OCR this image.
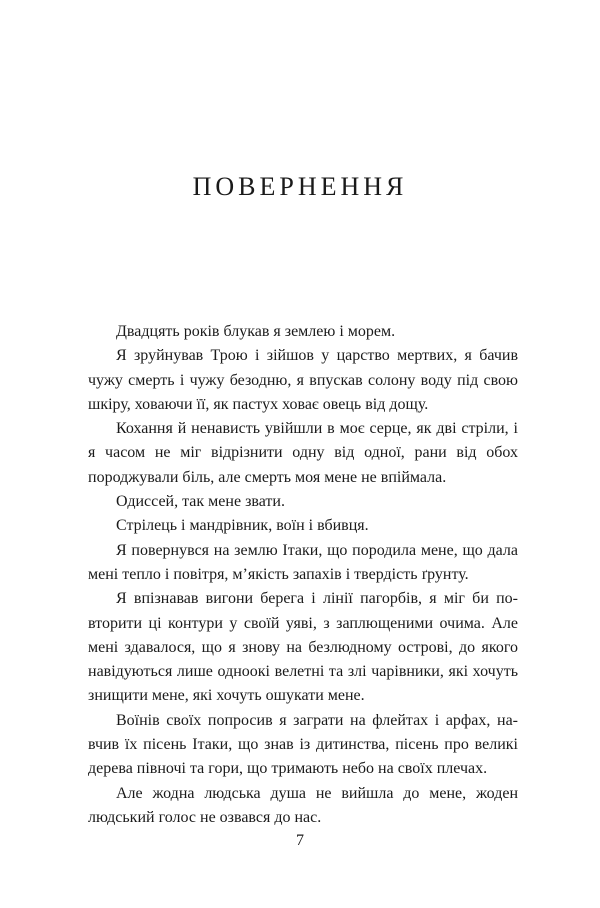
ПОВЕРНЕННЯ

Двадцять років блукав я землею і морем.

Я зруйнував Трою і зійшов у царство мертвих, я бачив чужу смерть і чужу безодню, я впускав солону воду під свою шкіру, ховаючи її, як пастух ховає овець від дощу.

Кохання й ненависть увійшли в моє серце, як дві стріли, і я часом не міг відрізнити одну від одної, рани від обох породжували біль, але смерть моя мене не впіймала.

Одиссей, так мене звати.

Стрілець і мандрівник, воїн і вбивця.

Я повернувся на землю Ітаки, що породила мене, що дала мені тепло і повітря, м’якість запахів і твердість ґрунту.

Я впізнавав вигони берега і лінії пагорбів, я міг би повторити ці контури у своїй уяві, з заплющеними очима. Але мені здавалося, що я знову на безлюдному острові, до якого навідуються лише одноокі велетні та злі чарівники, які хочуть знищити мене, які хочуть ошукати мене.

Воїнів своїх попросив я заграти на флейтах і арфах, навчив їх пісень Ітаки, що знав із дитинства, пісень про великі дерева півночі та гори, що тримають небо на своїх плечах.

Але жодна людська душа не вийшла до мене, жоден людський голос не озвався до нас.

7
